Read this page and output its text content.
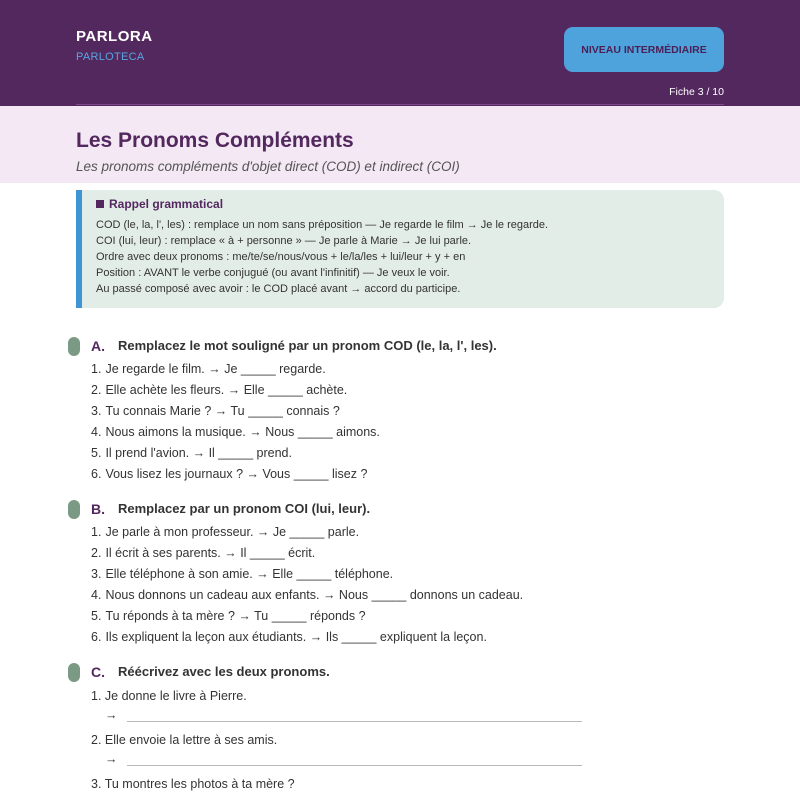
PARLORA
PARLOTECA
NIVEAU INTERMÉDIAIRE
Fiche 3 / 10
Les Pronoms Compléments

Les pronoms compléments d'objet direct (COD) et indirect (COI)

Rappel grammatical
COD (le, la, l', les) : remplace un nom sans préposition — Je regarde le film → Je le regarde.
COI (lui, leur) : remplace « à + personne » — Je parle à Marie → Je lui parle.
Ordre avec deux pronoms : me/te/se/nous/vous + le/la/les + lui/leur + y + en
Position : AVANT le verbe conjugué (ou avant l'infinitif) — Je veux le voir.
Au passé composé avec avoir : le COD placé avant → accord du participe.
A. Remplacez le mot souligné par un pronom COD (le, la, l', les).
1. Je regarde le film. → Je _____ regarde.
2. Elle achète les fleurs. → Elle _____ achète.
3. Tu connais Marie ? → Tu _____ connais ?
4. Nous aimons la musique. → Nous _____ aimons.
5. Il prend l'avion. → Il _____ prend.
6. Vous lisez les journaux ? → Vous _____ lisez ?
B. Remplacez par un pronom COI (lui, leur).
1. Je parle à mon professeur. → Je _____ parle.
2. Il écrit à ses parents. → Il _____ écrit.
3. Elle téléphone à son amie. → Elle _____ téléphone.
4. Nous donnons un cadeau aux enfants. → Nous _____ donnons un cadeau.
5. Tu réponds à ta mère ? → Tu _____ réponds ?
6. Ils expliquent la leçon aux étudiants. → Ils _____ expliquent la leçon.
C. Réécrivez avec les deux pronoms.
1. Je donne le livre à Pierre.
→
2. Elle envoie la lettre à ses amis.
→
3. Tu montres les photos à ta mère ?
